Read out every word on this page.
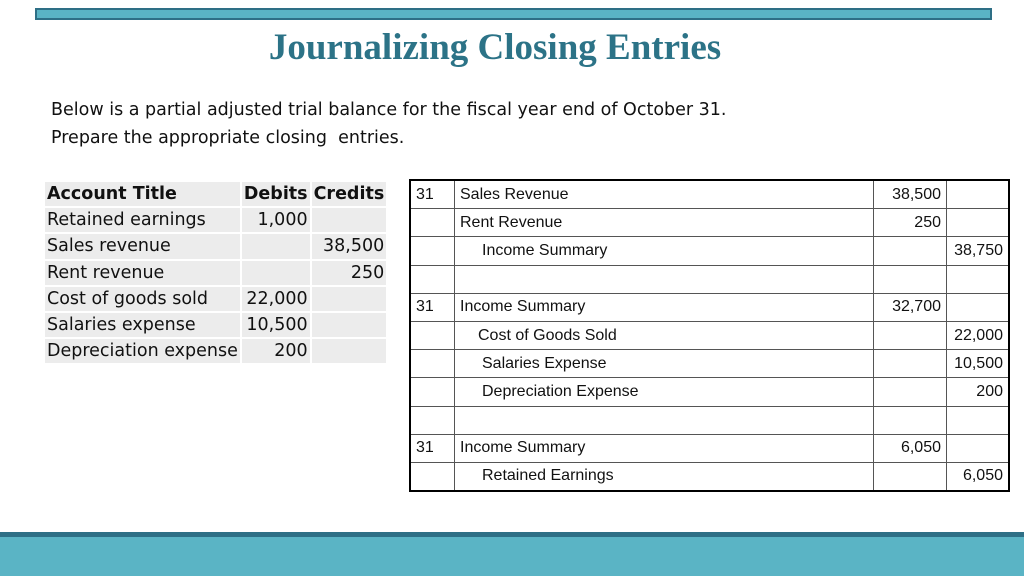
Journalizing Closing Entries
Below is a partial adjusted trial balance for the fiscal year end of October 31.
Prepare the appropriate closing  entries.
Account Title	Debits	Credits
Retained earnings	1,000	
Sales revenue		38,500
Rent revenue		250
Cost of goods sold	22,000	
Salaries expense	10,500	
Depreciation expense	200	
31	Sales Revenue	38,500	
	Rent Revenue	250	
	Income Summary		38,750

31	Income Summary	32,700	
	Cost of Goods Sold		22,000
	Salaries Expense		10,500
	Depreciation Expense		200

31	Income Summary	6,050	
	Retained Earnings		6,050
